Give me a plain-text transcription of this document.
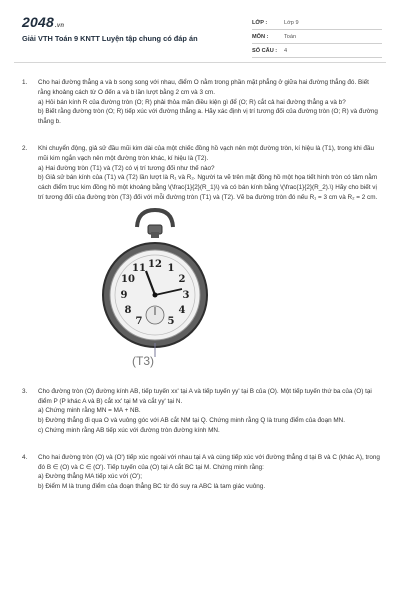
2048.vn
Giải VTH Toán 9 KNTT Luyện tập chung có đáp án
LỚP :	Lớp 9
MÔN :	Toán
SỐ CÂU :	4
1.	Cho hai đường thẳng a và b song song với nhau, điểm O nằm trong phần mặt phẳng ở giữa hai đường thẳng đó. Biết rằng khoảng cách từ O đến a và b lần lượt bằng 2 cm và 3 cm.

a) Hỏi bán kính R của đường tròn (O; R) phải thỏa mãn điều kiện gì để (O; R) cắt cả hai đường thẳng a và b?

b) Biết rằng đường tròn (O; R) tiếp xúc với đường thẳng a. Hãy xác định vị trí tương đối của đường tròn (O; R) và đường thẳng b.

2.	Khi chuyển động, giả sử đầu mũi kim dài của một chiếc đồng hồ vạch nên một đường tròn, kí hiệu là (T1), trong khi đầu mũi kim ngắn vạch nên một đường tròn khác, kí hiệu là (T2).

a) Hai đường tròn (T1) và (T2) có vị trí tương đối như thế nào?

b) Giả sử bán kính của (T1) và (T2) lần lượt là R₁ và R₂. Người ta vẽ trên mặt đồng hồ một họa tiết hình tròn có tâm nằm cách điểm trục kim đồng hồ một khoảng bằng \(\frac{1}{2}(R_1)\) và có bán kính bằng \(\frac{1}{2}(R_2).\) Hãy cho biết vị trí tương đối của đường tròn (T3) đối với mỗi đường tròn (T1) và (T2). Vẽ ba đường tròn đó nếu R₁ = 3 cm và R₂ = 2 cm.

12 1
2
3
4
5
7
8
9
10
11
(T3)
3.	Cho đường tròn (O) đường kính AB, tiếp tuyến xx' tại A và tiếp tuyến yy' tại B của (O). Một tiếp tuyến thứ ba của (O) tại điểm P (P khác A và B) cắt xx' tại M và cắt yy' tại N.

a) Chứng minh rằng MN = MA + NB.

b) Đường thẳng đi qua O và vuông góc với AB cắt NM tại Q. Chứng minh rằng Q là trung điểm của đoạn MN.

c) Chứng minh rằng AB tiếp xúc với đường tròn đường kính MN.

4.	Cho hai đường tròn (O) và (O') tiếp xúc ngoài với nhau tại A và cùng tiếp xúc với đường thẳng d tại B và C (khác A), trong đó B ∈ (O) và C ∈ (O'). Tiếp tuyến của (O) tại A cắt BC tại M. Chứng minh rằng:

a) Đường thẳng MA tiếp xúc với (O');

b) Điểm M là trung điểm của đoạn thẳng BC từ đó suy ra ABC là tam giác vuông.
